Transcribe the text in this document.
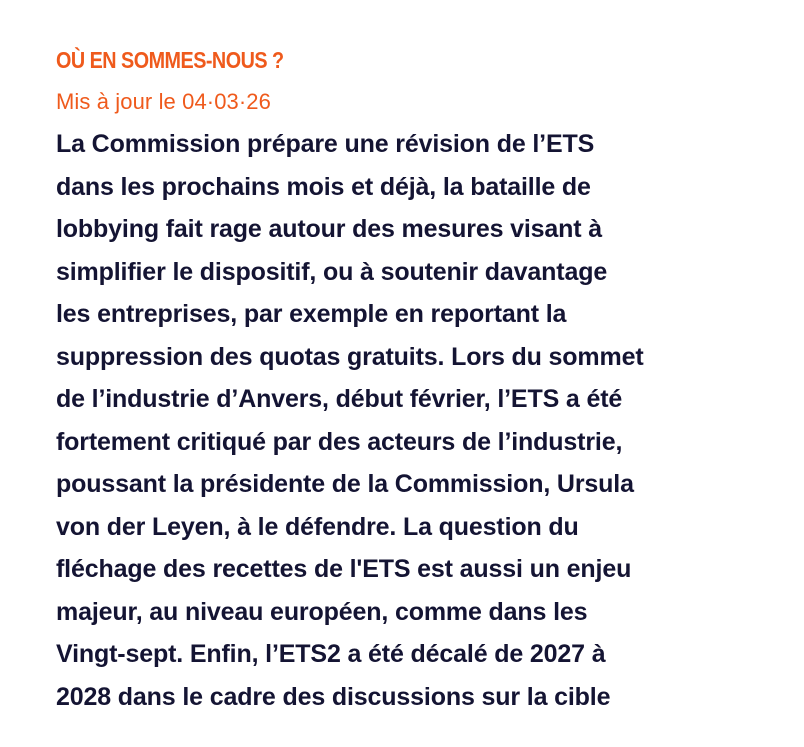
OÙ EN SOMMES-NOUS ?

Mis à jour le 04·03·26

La Commission prépare une révision de l’ETS
dans les prochains mois et déjà, la bataille de
lobbying fait rage autour des mesures visant à
simplifier le dispositif, ou à soutenir davantage
les entreprises, par exemple en reportant la
suppression des quotas gratuits. Lors du sommet
de l’industrie d’Anvers, début février, l’ETS a été
fortement critiqué par des acteurs de l’industrie,
poussant la présidente de la Commission, Ursula
von der Leyen, à le défendre. La question du
fléchage des recettes de l'ETS est aussi un enjeu
majeur, au niveau européen, comme dans les
Vingt-sept. Enfin, l’ETS2 a été décalé de 2027 à
2028 dans le cadre des discussions sur la cible
